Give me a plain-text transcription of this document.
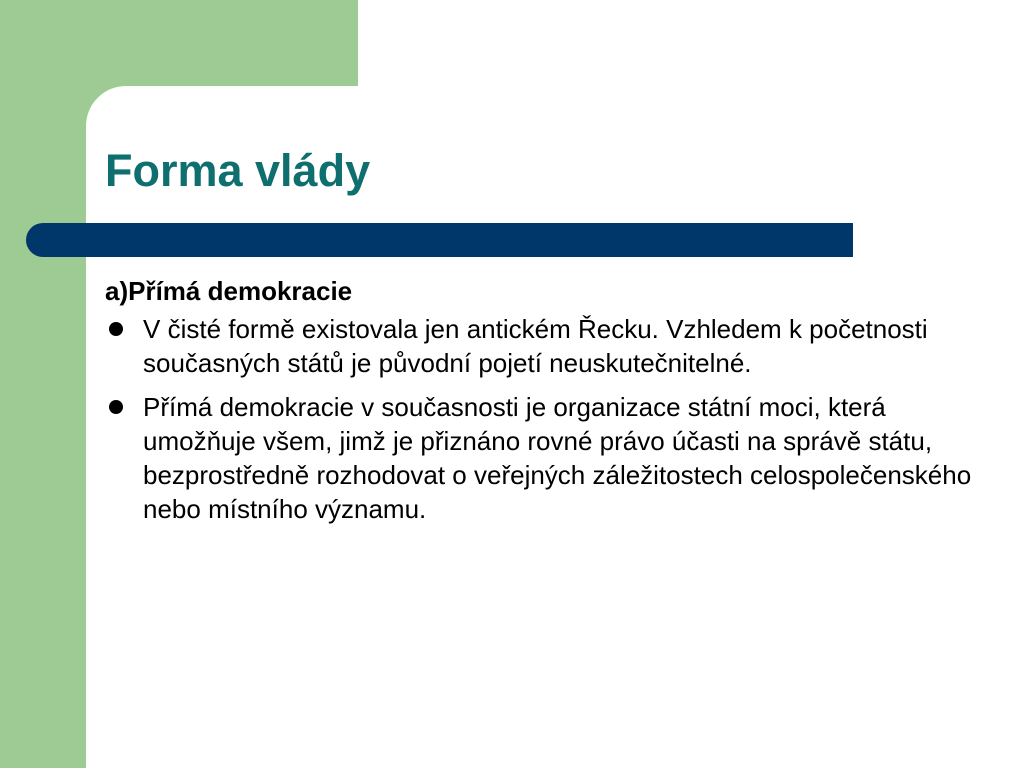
Forma vlády
a)Přímá demokracie
V čisté formě existovala jen antickém Řecku. Vzhledem k početnosti současných států je původní pojetí neuskutečnitelné.
Přímá demokracie v současnosti je organizace státní moci, která umožňuje všem, jimž je přiznáno rovné právo účasti na správě státu, bezprostředně rozhodovat o veřejných záležitostech celospolečenského nebo místního významu.
